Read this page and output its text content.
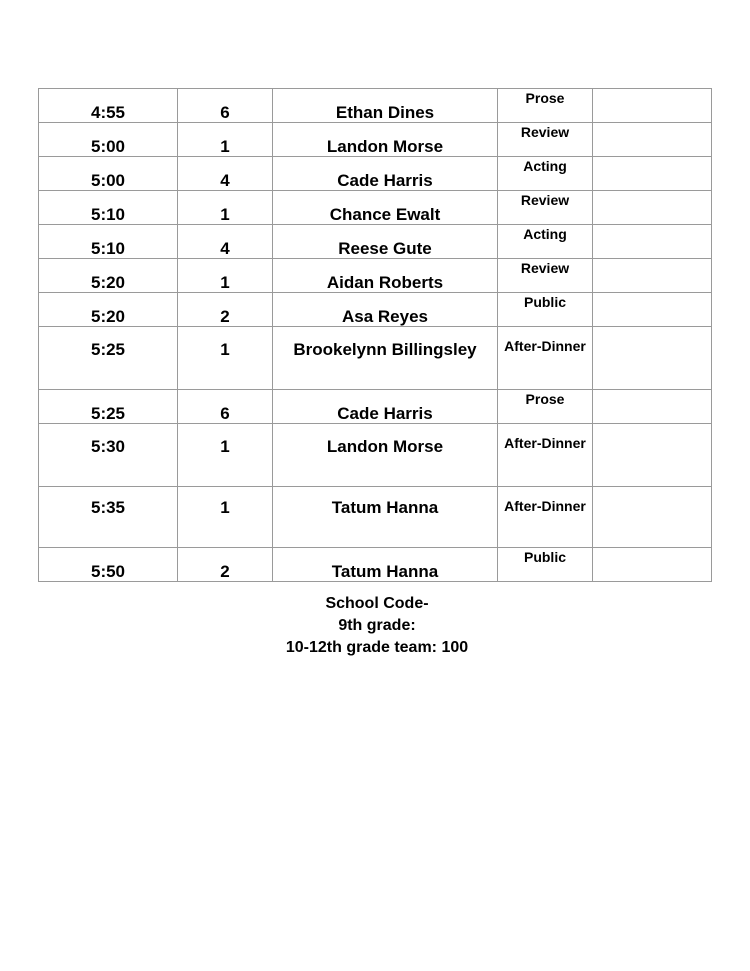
4:55	6	Ethan Dines	Prose	
5:00	1	Landon Morse	Review	
5:00	4	Cade Harris	Acting	
5:10	1	Chance Ewalt	Review	
5:10	4	Reese Gute	Acting	
5:20	1	Aidan Roberts	Review	
5:20	2	Asa Reyes	Public	
5:25	1	Brookelynn Billingsley	After-Dinner	
5:25	6	Cade Harris	Prose	
5:30	1	Landon Morse	After-Dinner	
5:35	1	Tatum Hanna	After-Dinner	
5:50	2	Tatum Hanna	Public	
School Code-
9th grade:
10-12th grade team: 100
